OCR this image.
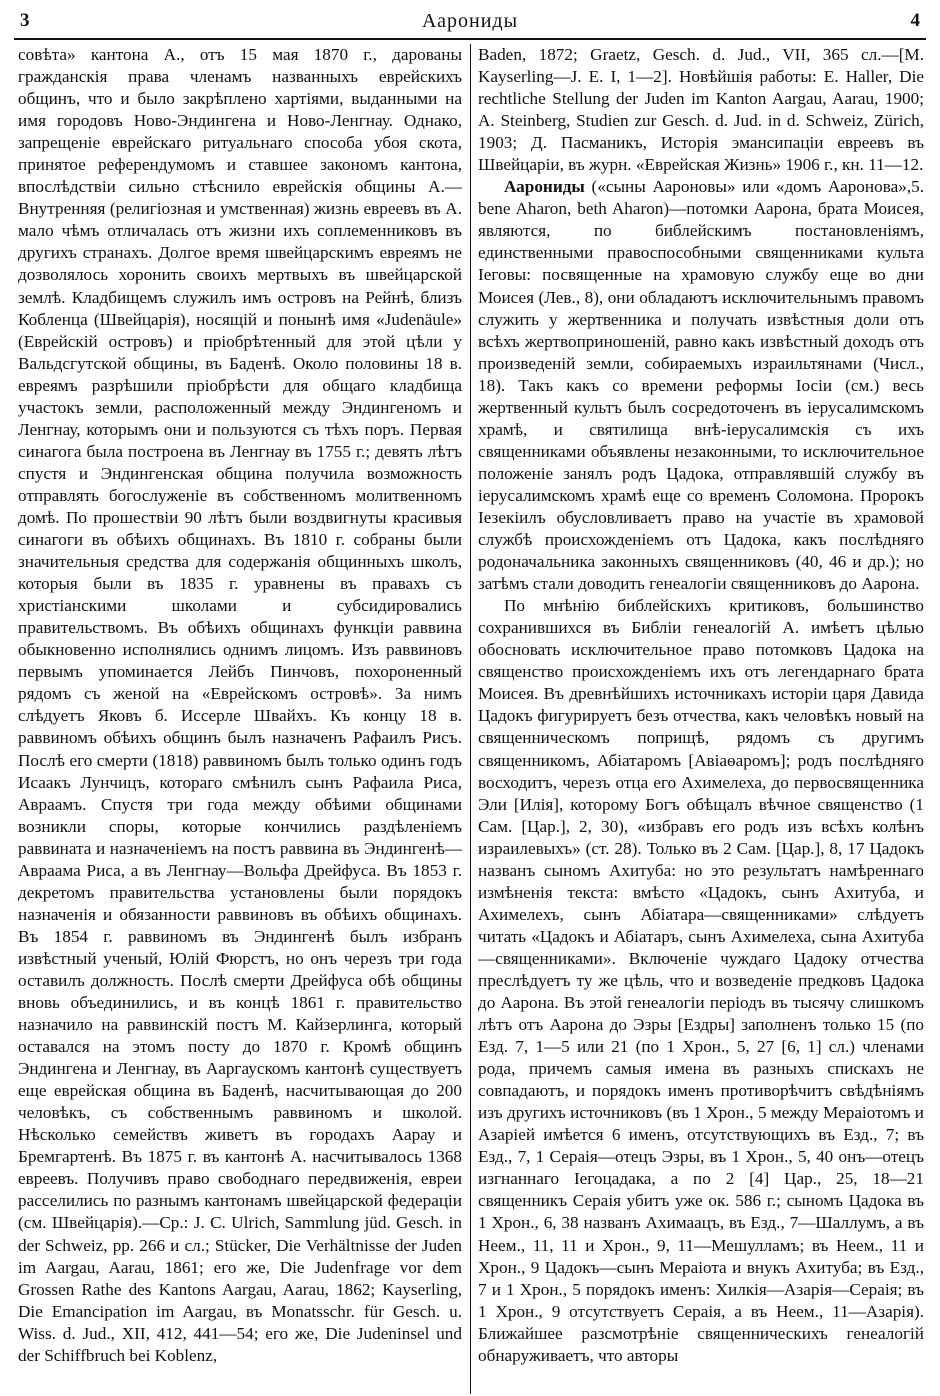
3	Аарониды	4

совѣта» кантона А., отъ 15 мая 1870 г., дарованы гражданскія права членамъ названныхъ еврейскихъ общинъ, что и было закрѣплено хартіями, выданными на имя городовъ Ново-Эндингена и Ново-Ленгнау. Однако, запрещеніе еврейскаго ритуальнаго способа убоя скота, принятое референдумомъ и ставшее закономъ кантона, впослѣдствіи сильно стѣснило еврейскія общины А.— Внутренняя (религіозная и умственная) жизнь евреевъ въ А. мало чѣмъ отличалась отъ жизни ихъ соплеменниковъ въ другихъ странахъ. Долгое время швейцарскимъ евреямъ не дозволялось хоронить своихъ мертвыхъ въ швейцарской землѣ. Кладбищемъ служилъ имъ островъ на Рейнѣ, близъ Кобленца (Швейцарія), носящій и понынѣ имя «Judenäule» (Еврейскій островъ) и пріобрѣтенный для этой цѣли у Вальдсгутской общины, въ Баденѣ. Около половины 18 в. евреямъ разрѣшили пріобрѣсти для общаго кладбища участокъ земли, расположенный между Эндингеномъ и Ленгнау, которымъ они и пользуются съ тѣхъ поръ. Первая синагога была построена въ Ленгнау въ 1755 г.; девять лѣтъ спустя и Эндингенская община получила возможность отправлять богослуженіе въ собственномъ молитвенномъ домѣ. По прошествіи 90 лѣтъ были воздвигнуты красивыя синагоги въ обѣихъ общинахъ. Въ 1810 г. собраны были значительныя средства для содержанія общинныхъ школъ, которыя были въ 1835 г. уравнены въ правахъ съ христіанскими школами и субсидировались правительствомъ. Въ обѣихъ общинахъ функціи раввина обыкновенно исполнялись однимъ лицомъ. Изъ раввиновъ первымъ упоминается Лейбъ Пинчовъ, похороненный рядомъ съ женой на «Еврейскомъ островѣ». За нимъ слѣдуетъ Яковъ б. Исcерле Швайхъ. Къ концу 18 в. раввиномъ обѣихъ общинъ былъ назначенъ Рафаилъ Рисъ. Послѣ его смерти (1818) раввиномъ былъ только одинъ годъ Исаакъ Лунчицъ, котораго смѣнилъ сынъ Рафаила Риса, Авраамъ. Спустя три года между обѣими общинами возникли споры, которые кончились раздѣленіемъ раввината и назначеніемъ на постъ раввина въ Эндингенѣ—Авраама Риса, а въ Ленгнау—Вольфа Дрейфуса. Въ 1853 г. декретомъ правительства установлены были порядокъ назначенія и обязанности раввиновъ въ обѣихъ общинахъ. Въ 1854 г. раввиномъ въ Эндингенѣ былъ избранъ извѣстный ученый, Юлій Фюрстъ, но онъ черезъ три года оставилъ должность. Послѣ смерти Дрейфуса обѣ общины вновь объединились, и въ концѣ 1861 г. правительство назначило на раввинскій постъ М. Кайзерлинга, который оставался на этомъ посту до 1870 г. Кромѣ общинъ Эндингена и Ленгнау, въ Ааргаускомъ кантонѣ существуетъ еще еврейская община въ Баденѣ, насчитывающая до 200 человѣкъ, съ собственнымъ раввиномъ и школой. Нѣсколько семействъ живетъ въ городахъ Аарау и Бремгартенѣ. Въ 1875 г. въ кантонѣ А. насчитывалось 1368 евреевъ. Получивъ право свободнаго передвиженія, евреи расселились по разнымъ кантонамъ швейцарской федераціи (см. Швейцарія).—Ср.: J. C. Ulrich, Sammlung jüd. Gesch. in der Schweiz, pp. 266 и сл.; Stücker, Die Verhältnisse der Juden im Aargau, Aarau, 1861; его же, Die Judenfrage vor dem Grossen Rathe des Kantons Aargau, Aarau, 1862; Kayserling, Die Emancipation im Aargau, въ Monatsschr. für Gesch. u. Wiss. d. Jud., XII, 412, 441—54; его же, Die Judeninsel und der Schiffbruch bei Koblenz,

Baden, 1872; Graetz, Gesch. d. Jud., VII, 365 сл.—[M. Kayserling—J. E. I, 1—2]. Новѣйшія работы: E. Haller, Die rechtliche Stellung der Juden im Kanton Aargau, Aarau, 1900; A. Steinberg, Studien zur Gesch. d. Jud. in d. Schweiz, Zürich, 1903; Д. Пасманикъ, Исторія эмансипаціи евреевъ въ Швейцаріи, въ журн. «Еврейская Жизнь» 1906 г., кн. 11—12.
5.

Аарониды («сыны Аароновы» или «домъ Ааронова», bene Aharon, beth Aharon)—потомки Аарона, брата Моисея, являются, по библейскимъ постановленіямъ, единственными правоспособными священниками культа Іеговы: посвященные на храмовую службу еще во дни Моисея (Лев., 8), они обладаютъ исключительнымъ правомъ служить у жертвенника и получать извѣстныя доли отъ всѣхъ жертвоприношеній, равно какъ извѣстный доходъ отъ произведеній земли, собираемыхъ израильтянами (Числ., 18). Такъ какъ со времени реформы Іосіи (см.) весь жертвенный культъ былъ сосредоточенъ въ іерусалимскомъ храмѣ, и святилища внѣ-іерусалимскія съ ихъ священниками объявлены незаконными, то исключительное положеніе занялъ родъ Цадока, отправлявшій службу въ іерусалимскомъ храмѣ еще со временъ Соломона. Пророкъ Іезекіилъ обусловливаетъ право на участіе въ храмовой службѣ происхожденіемъ отъ Цадока, какъ послѣдняго родоначальника законныхъ священниковъ (40, 46 и др.); но затѣмъ стали доводить генеалогіи священниковъ до Аарона.

По мнѣнію библейскихъ критиковъ, большинство сохранившихся въ Библіи генеалогій А. имѣетъ цѣлью обосновать исключительное право потомковъ Цадока на священство происхожденіемъ ихъ отъ легендарнаго брата Моисея. Въ древнѣйшихъ источникахъ исторіи царя Давида Цадокъ фигурируетъ безъ отчества, какъ человѣкъ новый на священническомъ поприщѣ, рядомъ съ другимъ священникомъ, Абіатаромъ [Авіаѳаромъ]; родъ послѣдняго восходитъ, черезъ отца его Ахимелеха, до первосвященника Эли [Илія], которому Богъ обѣщалъ вѣчное священство (1 Сам. [Цар.], 2, 30), «избравъ его родъ изъ всѣхъ колѣнъ израилевыхъ» (ст. 28). Только въ 2 Сам. [Цар.], 8, 17 Цадокъ названъ сыномъ Ахитуба: но это результатъ намѣреннаго измѣненія текста: вмѣсто «Цадокъ, сынъ Ахитуба, и Ахимелехъ, сынъ Абіатара—священниками» слѣдуетъ читать «Цадокъ и Абіатаръ, сынъ Ахимелеха, сына Ахитуба—священниками». Включеніе чуждаго Цадоку отчества преслѣдуетъ ту же цѣль, что и возведеніе предковъ Цадока до Аарона. Въ этой генеалогіи періодъ въ тысячу слишкомъ лѣтъ отъ Аарона до Эзры [Ездры] заполненъ только 15 (по Езд. 7, 1—5 или 21 (по 1 Хрон., 5, 27 [6, 1] сл.) членами рода, причемъ самыя имена въ разныхъ спискахъ не совпадаютъ, и порядокъ именъ противорѣчитъ свѣдѣніямъ изъ другихъ источниковъ (въ 1 Хрон., 5 между Мераіотомъ и Азаріей имѣется 6 именъ, отсутствующихъ въ Езд., 7; въ Езд., 7, 1 Сераія—отецъ Эзры, въ 1 Хрон., 5, 40 онъ—отецъ изгнаннаго Іегоцадака, а по 2 [4] Цар., 25, 18—21 священникъ Сераія убитъ уже ок. 586 г.; сыномъ Цадока въ 1 Хрон., 6, 38 названъ Ахимаацъ, въ Езд., 7—Шаллумъ, а въ Неем., 11, 11 и Хрон., 9, 11—Мешулламъ; въ Неем., 11 и Хрон., 9 Цадокъ—сынъ Мераіота и внукъ Ахитуба; въ Езд., 7 и 1 Хрон., 5 порядокъ именъ: Хилкія—Азарія—Сераія; въ 1 Хрон., 9 отсутствуетъ Сераія, а въ Неем., 11—Азарія). Ближайшее разсмотрѣніе священническихъ генеалогій обнаруживаетъ, что авторы
